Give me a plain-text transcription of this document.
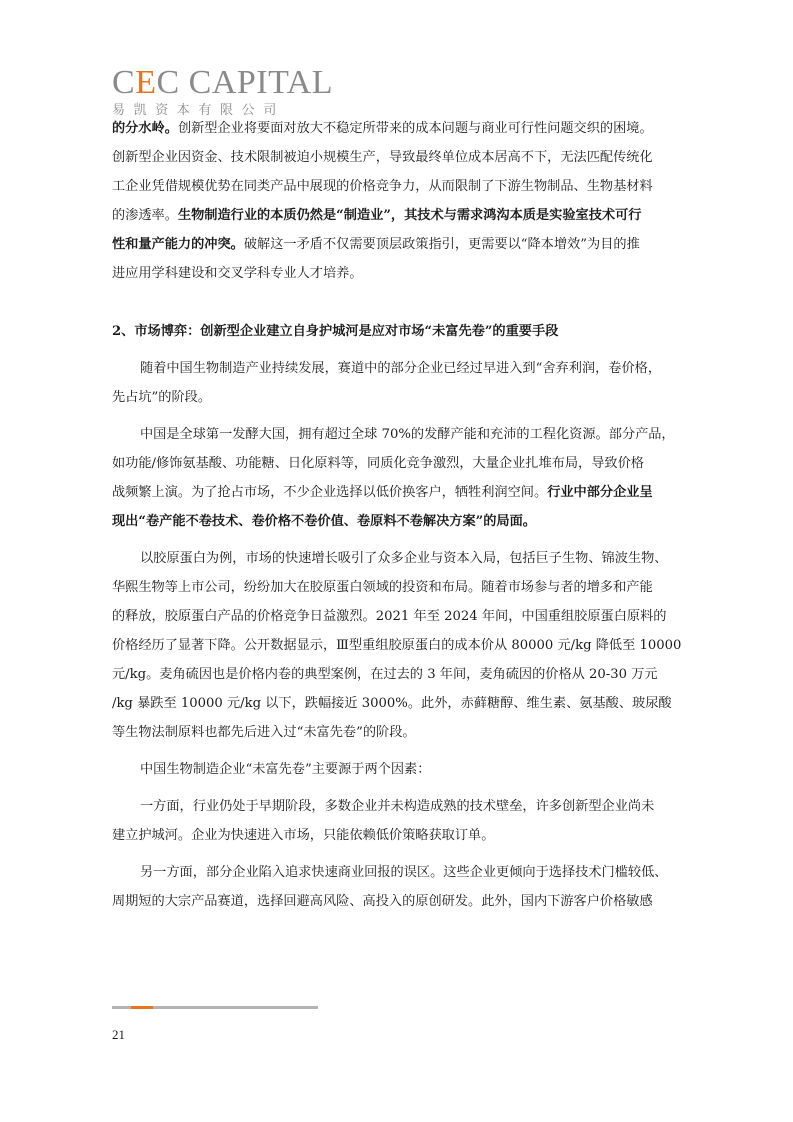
CEC CAPITAL
易凯资本有限公司
的分水岭。创新型企业将要面对放大不稳定所带来的成本问题与商业可行性问题交织的困境。
创新型企业因资金、技术限制被迫小规模生产，导致最终单位成本居高不下，无法匹配传统化
工企业凭借规模优势在同类产品中展现的价格竞争力，从而限制了下游生物制品、生物基材料
的渗透率。生物制造行业的本质仍然是“制造业”，其技术与需求鸿沟本质是实验室技术可行
性和量产能力的冲突。破解这一矛盾不仅需要顶层政策指引，更需要以“降本增效”为目的推
进应用学科建设和交叉学科专业人才培养。
2、市场博弈：创新型企业建立自身护城河是应对市场“未富先卷”的重要手段
随着中国生物制造产业持续发展，赛道中的部分企业已经过早进入到“舍弃利润，卷价格，
先占坑”的阶段。
中国是全球第一发酵大国，拥有超过全球 70%的发酵产能和充沛的工程化资源。部分产品，
如功能/修饰氨基酸、功能糖、日化原料等，同质化竞争激烈，大量企业扎堆布局，导致价格
战频繁上演。为了抢占市场，不少企业选择以低价换客户，牺牲利润空间。行业中部分企业呈
现出“卷产能不卷技术、卷价格不卷价值、卷原料不卷解决方案”的局面。
以胶原蛋白为例，市场的快速增长吸引了众多企业与资本入局，包括巨子生物、锦波生物、
华熙生物等上市公司，纷纷加大在胶原蛋白领域的投资和布局。随着市场参与者的增多和产能
的释放，胶原蛋白产品的价格竞争日益激烈。2021 年至 2024 年间，中国重组胶原蛋白原料的
价格经历了显著下降。公开数据显示，Ⅲ型重组胶原蛋白的成本价从 80000 元/kg 降低至 10000
元/kg。麦角硫因也是价格内卷的典型案例，在过去的 3 年间，麦角硫因的价格从 20-30 万元
/kg 暴跌至 10000 元/kg 以下，跌幅接近 3000%。此外，赤藓糖醇、维生素、氨基酸、玻尿酸
等生物法制原料也都先后进入过“未富先卷”的阶段。
中国生物制造企业“未富先卷”主要源于两个因素：
一方面，行业仍处于早期阶段，多数企业并未构造成熟的技术壁垒，许多创新型企业尚未
建立护城河。企业为快速进入市场，只能依赖低价策略获取订单。
另一方面，部分企业陷入追求快速商业回报的误区。这些企业更倾向于选择技术门槛较低、
周期短的大宗产品赛道，选择回避高风险、高投入的原创研发。此外，国内下游客户价格敏感
21
